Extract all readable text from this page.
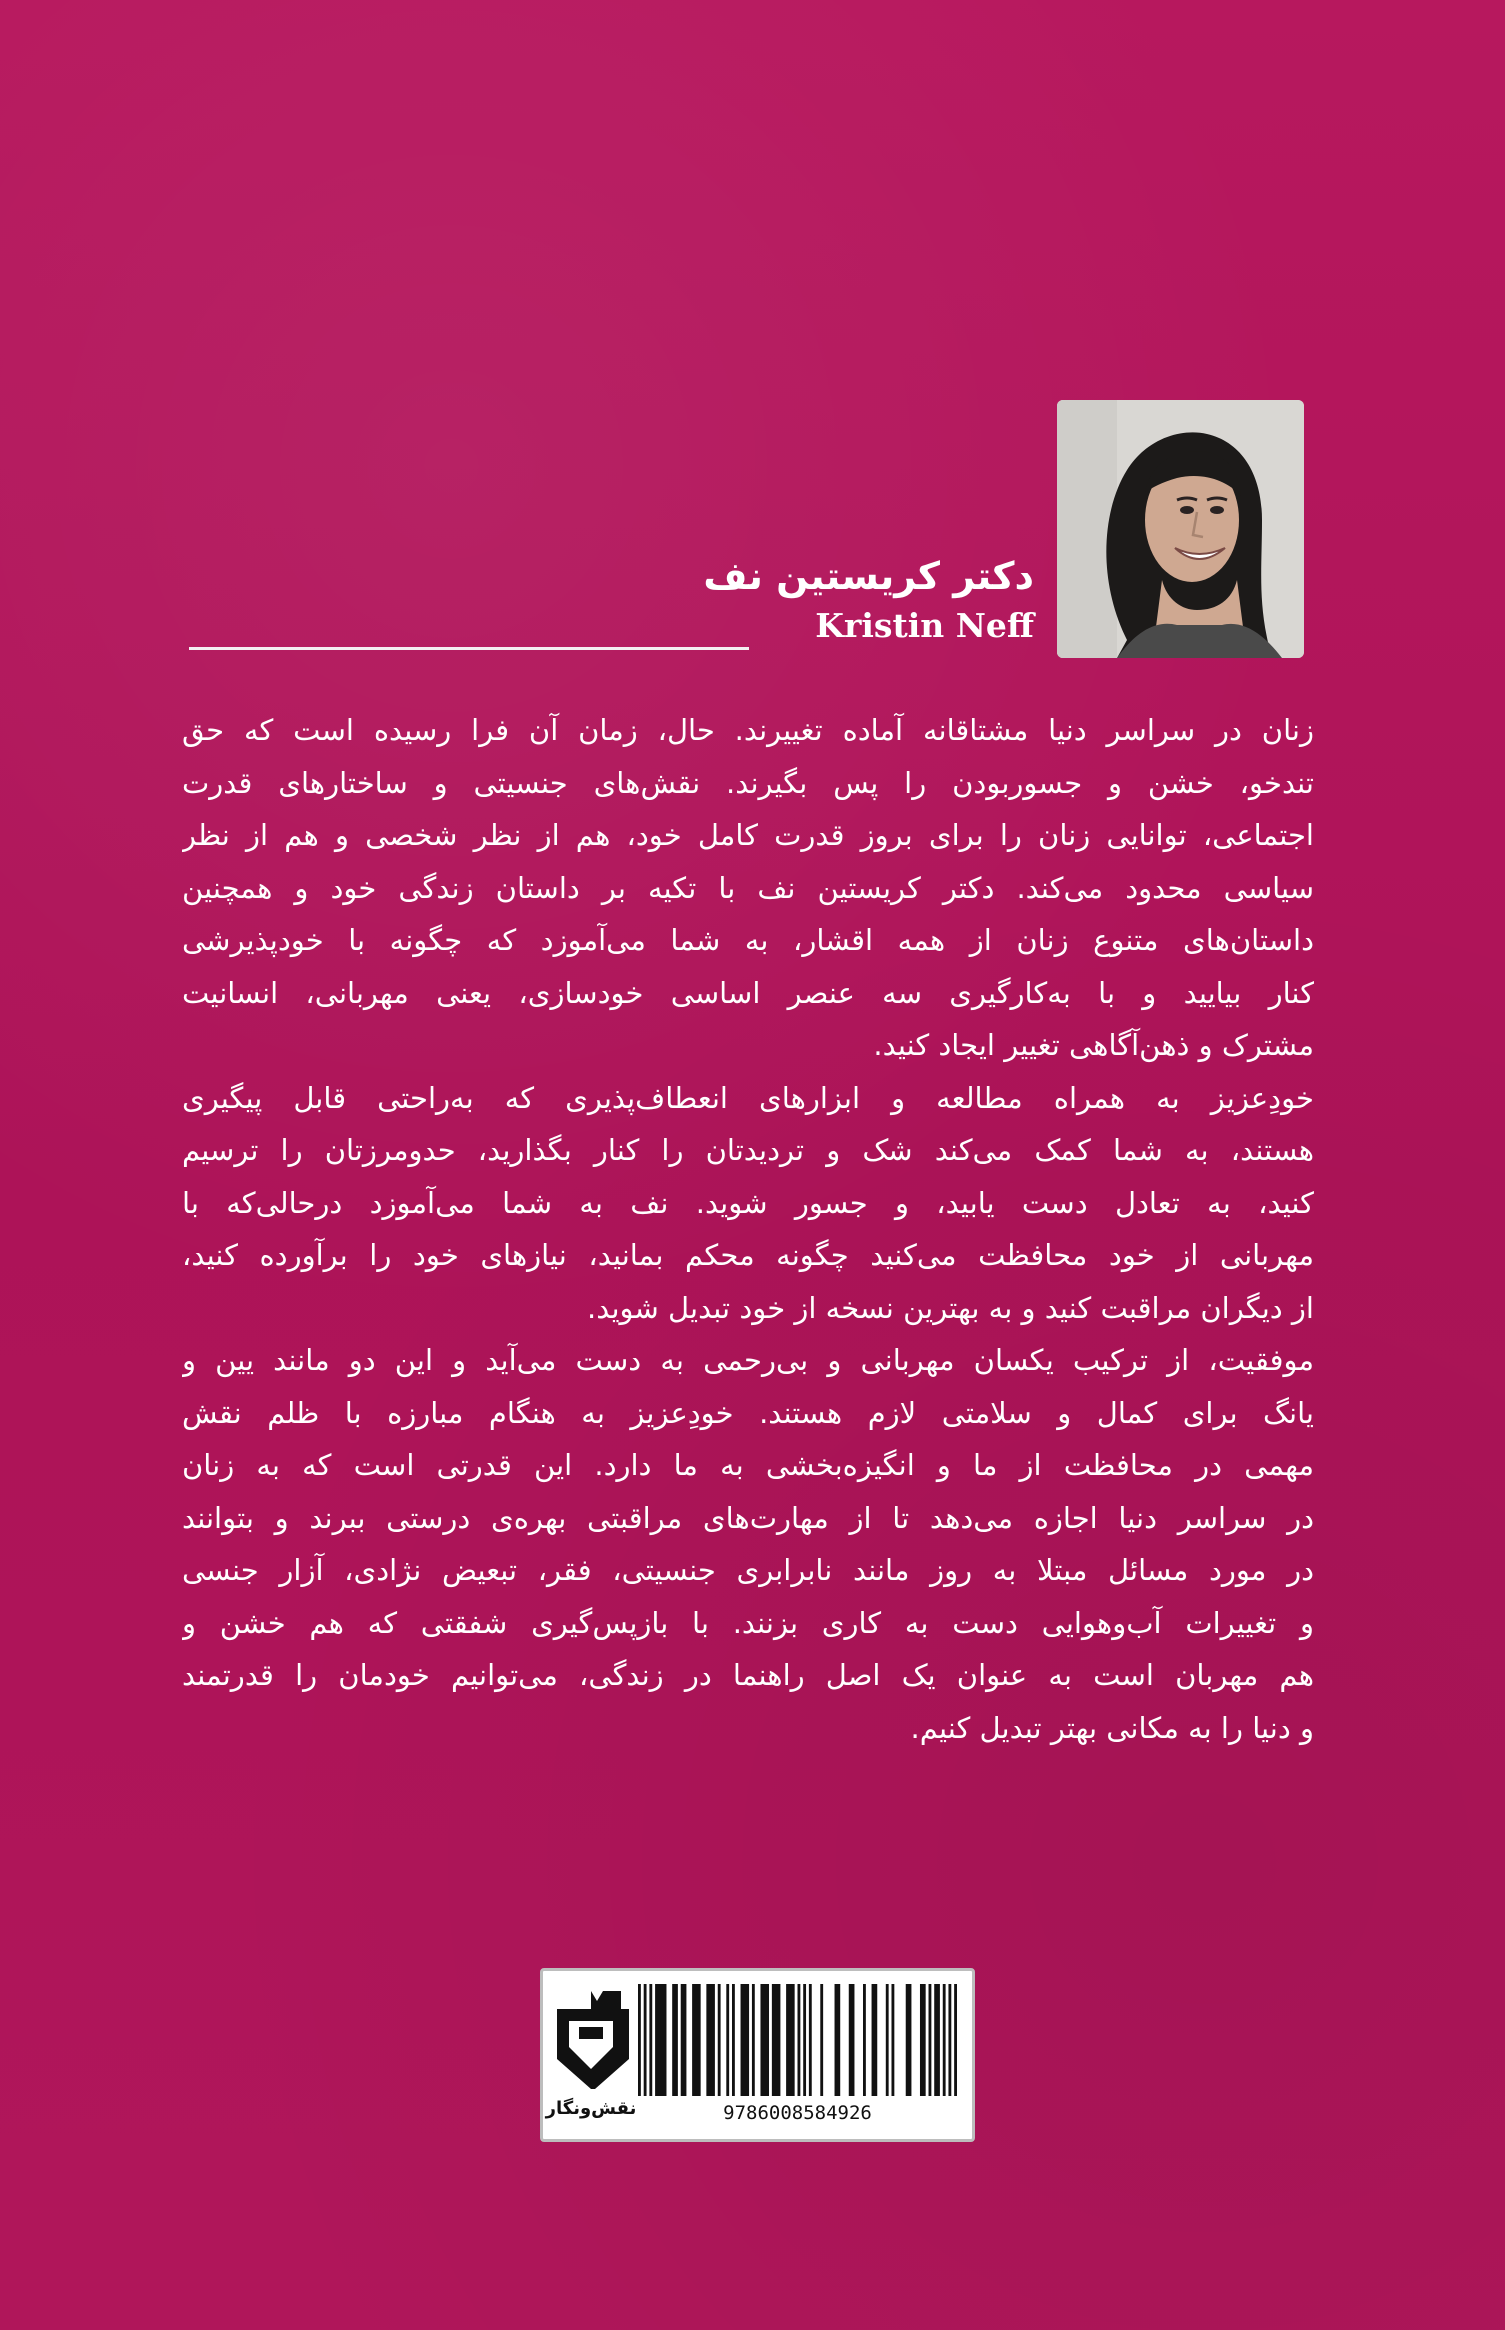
دکتر کریستین نف
Kristin Neff
زنان در سراسر دنیا مشتاقانه آماده تغییرند. حال، زمان آن فرا رسیده است که حق
تندخو، خشن و جسوربودن را پس بگیرند. نقش‌های جنسیتی و ساختارهای قدرت
اجتماعی، توانایی زنان را برای بروز قدرت کامل خود، هم از نظر شخصی و هم از نظر
سیاسی محدود می‌کند. دکتر کریستین نف با تکیه بر داستان زندگی خود و همچنین
داستان‌های متنوع زنان از همه اقشار، به شما می‌آموزد که چگونه با خودپذیرشی
کنار بیایید و با به‌کارگیری سه عنصر اساسی خودسازی، یعنی مهربانی، انسانیت
مشترک و ذهن‌آگاهی تغییر ایجاد کنید.
خودِعزیز به همراه مطالعه و ابزارهای انعطاف‌پذیری که به‌راحتی قابل پیگیری
هستند، به شما کمک می‌کند شک و تردیدتان را کنار بگذارید، حدومرزتان را ترسیم
کنید، به تعادل دست یابید، و جسور شوید. نف به شما می‌آموزد درحالی‌که با
مهربانی از خود محافظت می‌کنید چگونه محکم بمانید، نیازهای خود را برآورده کنید،
از دیگران مراقبت کنید و به بهترین نسخه از خود تبدیل شوید.
موفقیت، از ترکیب یکسان مهربانی و بی‌رحمی به دست می‌آید و این دو مانند یین و
یانگ برای کمال و سلامتی لازم هستند. خودِعزیز به هنگام مبارزه با ظلم نقش
مهمی در محافظت از ما و انگیزه‌بخشی به ما دارد. این قدرتی است که به زنان
در سراسر دنیا اجازه می‌دهد تا از مهارت‌های مراقبتی بهره‌ی درستی ببرند و بتوانند
در مورد مسائل مبتلا به روز مانند نابرابری جنسیتی، فقر، تبعیض نژادی، آزار جنسی
و تغییرات آب‌وهوایی دست به کاری بزنند. با بازپس‌گیری شفقتی که هم خشن و
هم مهربان است به عنوان یک اصل راهنما در زندگی، می‌توانیم خودمان را قدرتمند
و دنیا را به مکانی بهتر تبدیل کنیم.
نقش‌ونگار	9786008584926
